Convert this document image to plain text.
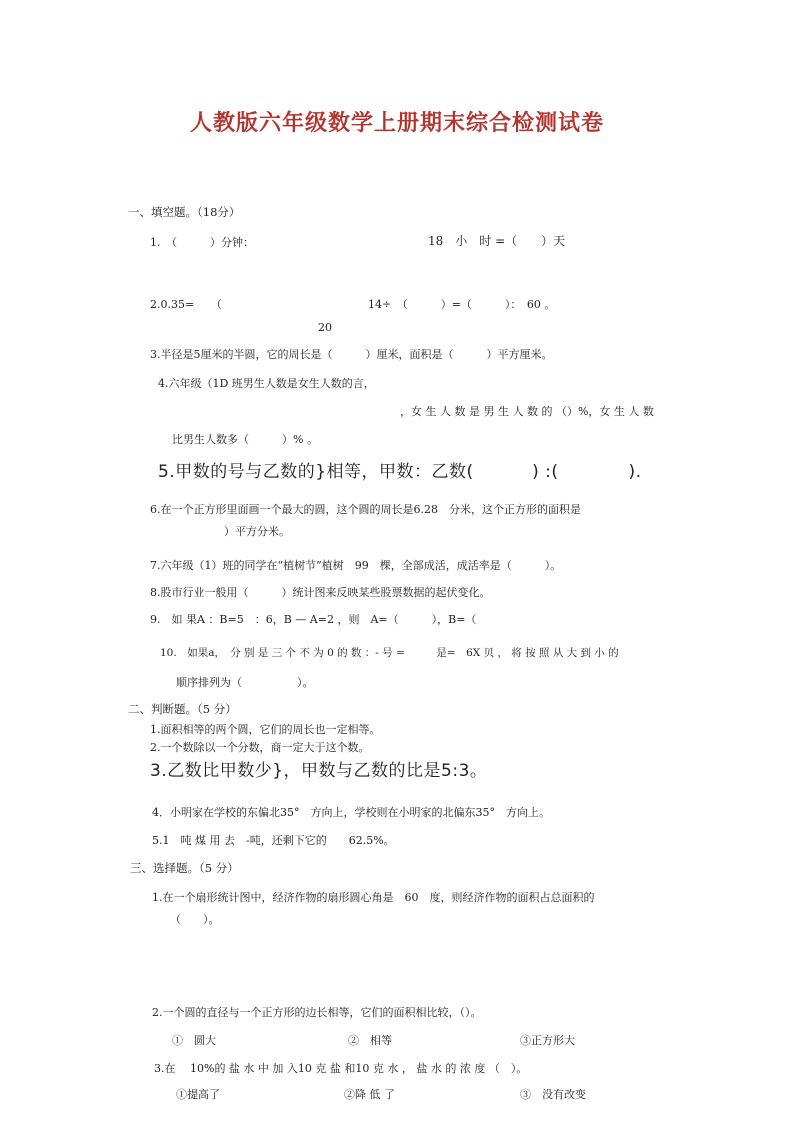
人教版六年级数学上册期末综合检测试卷
一、填空题。（18分）
1.　（　　　）分钟：	18　小　时 =（　　）天
2.0.35=　　（	14÷　（　　　）=（　　　）：　60 。
20
3.半径是5厘米的半圆，它的周长是（　　　）厘米，面积是（　　　）平方厘米。
4.六年级（1D 班男生人数是女生人数的言，
，女 生 人 数 是 男 生 人 数 的 （）%，女 生 人 数
比男生人数多（　　　）% 。
5.甲数的号与乙数的}相等，甲数：乙数(　　　 ) :(　　　　).
6.在一个正方形里面画一个最大的圆，这个圆的周长是6.28　分米，这个正方形的面积是
）平方分米。
7.六年级（1）班的同学在“植树节”植树　99　棵，全部成活，成活率是（　　　）。
8.股市行业一般用（　　　）统计图来反映某些股票数据的起伏变化。
9.　如 果A ：B=5　：6，B — A=2 ，则　A=（　　　），B=（
10.　如果a，　分 别 是 三 个 不 为 0 的 数 ：- 号 =　　　是=　6X 贝 ， 将 按 照 从 大 到 小 的
顺序排列为（　　　　　）。
二、判断题。（5 分）
1.面积相等的两个圆，它们的周长也一定相等。
2.一个数除以一个分数，商一定大于这个数。
3.乙数比甲数少}，甲数与乙数的比是5:3。
4．小明家在学校的东偏北35°　方向上，学校则在小明家的北偏东35°　方向上。
5.1　吨 煤 用 去　-吨，还剩下它的　　62.5%。
三、选择题。（5 分）
1.在一个扇形统计图中，经济作物的扇形圆心角是　60　度，则经济作物的面积占总面积的
（　　）。
2.一个圆的直径与一个正方形的边长相等，它们的面积相比较，（）。
①　圆大	②　相等	③正方形大
3.在　 10%的 盐 水 中 加 入10 克 盐 和10 克 水 ， 盐 水 的 浓 度 （　）。
①提高了	②降 低 了	③　没有改变
